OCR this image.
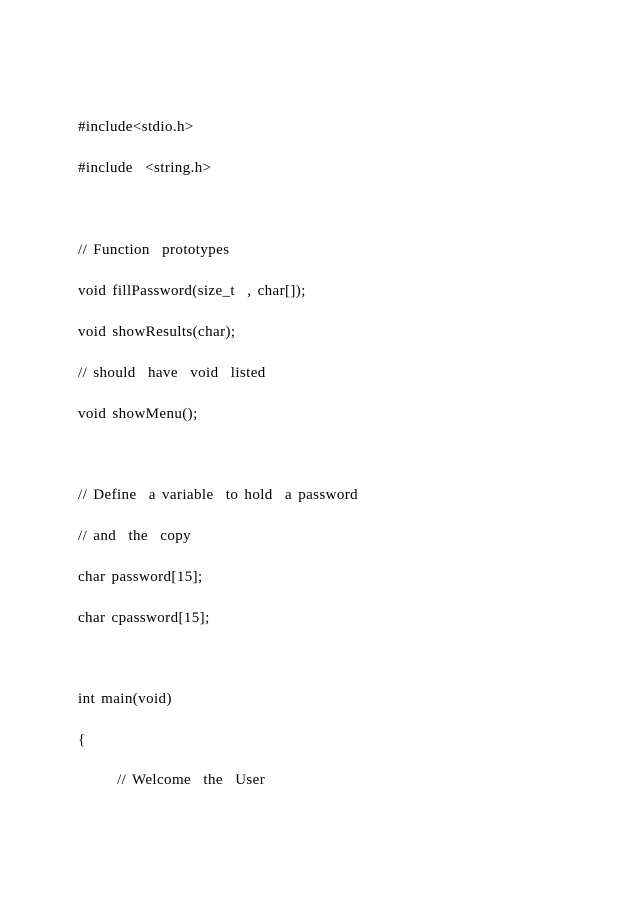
#include<stdio.h>
#include  <string.h>
// Function  prototypes
void fillPassword(size_t  , char[]);
void showResults(char);
// should  have  void  listed
void showMenu();
// Define  a variable  to hold  a password
// and  the  copy
char password[15];
char cpassword[15];
int main(void)
{
// Welcome  the  User
